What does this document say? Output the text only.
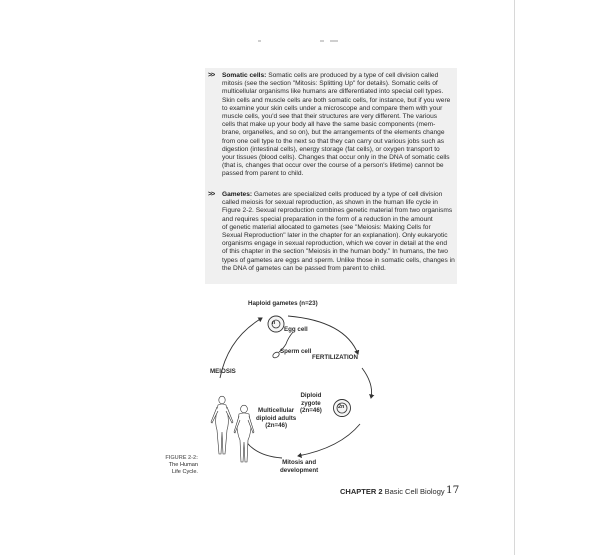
>> Somatic cells: Somatic cells are produced by a type of cell division called
mitosis (see the section "Mitosis: Splitting Up" for details). Somatic cells of
multicellular organisms like humans are differentiated into special cell types.
Skin cells and muscle cells are both somatic cells, for instance, but if you were
to examine your skin cells under a microscope and compare them with your
muscle cells, you'd see that their structures are very different. The various
cells that make up your body all have the same basic components (mem-
brane, organelles, and so on), but the arrangements of the elements change
from one cell type to the next so that they can carry out various jobs such as
digestion (intestinal cells), energy storage (fat cells), or oxygen transport to
your tissues (blood cells). Changes that occur only in the DNA of somatic cells
(that is, changes that occur over the course of a person's lifetime) cannot be
passed from parent to child.
>> Gametes: Gametes are specialized cells produced by a type of cell division
called meiosis for sexual reproduction, as shown in the human life cycle in
Figure 2-2. Sexual reproduction combines genetic material from two organisms
and requires special preparation in the form of a reduction in the amount
of genetic material allocated to gametes (see "Meiosis: Making Cells for
Sexual Reproduction" later in the chapter for an explanation). Only eukaryotic
organisms engage in sexual reproduction, which we cover in detail at the end
of this chapter in the section "Meiosis in the human body." In humans, the two
types of gametes are eggs and sperm. Unlike those in somatic cells, changes in
the DNA of gametes can be passed from parent to child.
Haploid gametes (n=23)
n
Egg cell
Sperm cell
FERTILIZATION
MEIOSIS
Diploid
zygote
(2n=46)	2n
Multicellular
diploid adults
(2n=46)
Mitosis and
development
FIGURE 2-2:
The Human
Life Cycle.
CHAPTER 2 Basic Cell Biology 17
